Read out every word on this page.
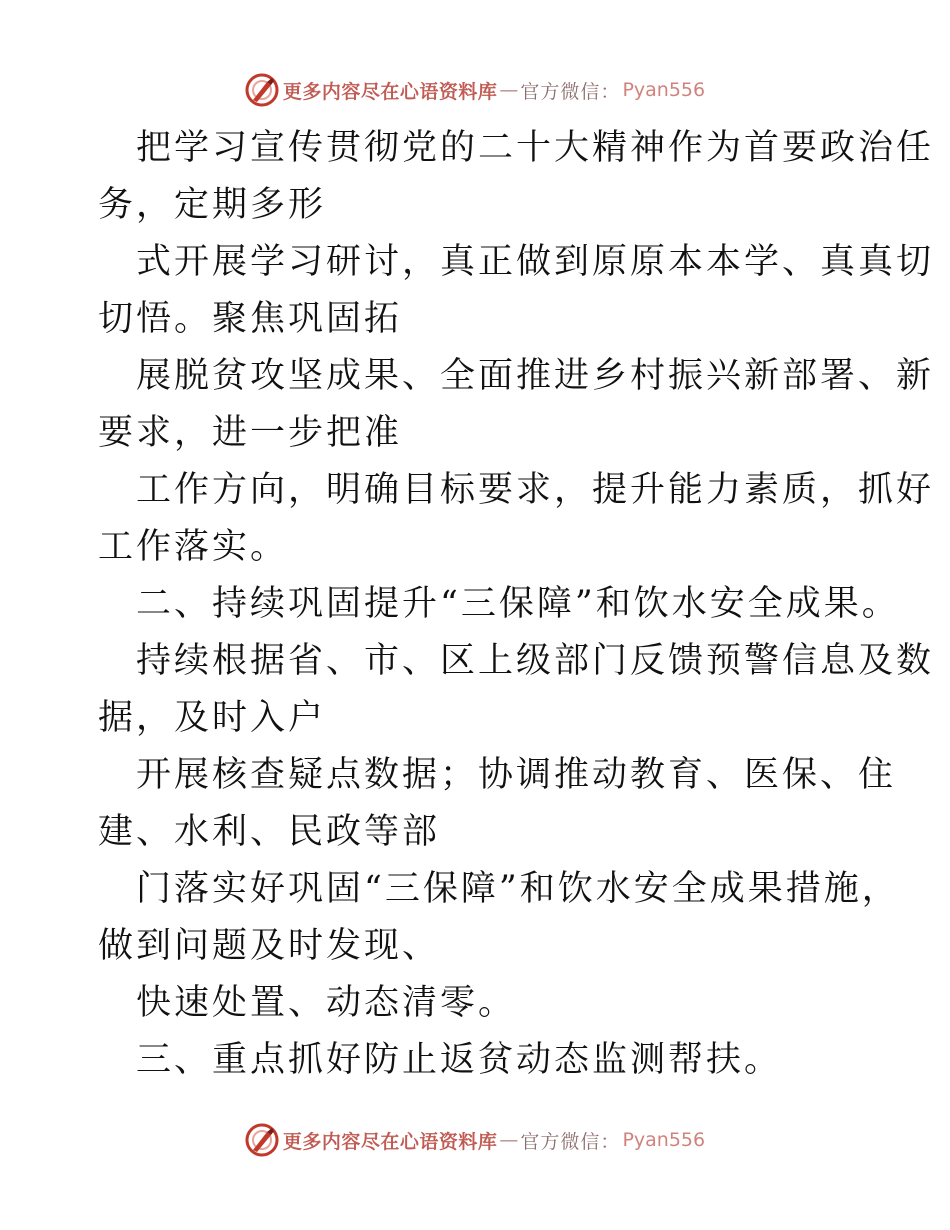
更多内容尽在心语资料库 — 官方微信： Pyan556

把学习宣传贯彻党的二十大精神作为首要政治任

务，定期多形

式开展学习研讨，真正做到原原本本学、真真切

切悟。聚焦巩固拓

展脱贫攻坚成果、全面推进乡村振兴新部署、新

要求，进一步把准

工作方向，明确目标要求，提升能力素质，抓好

工作落实。

二、持续巩固提升“三保障”和饮水安全成果。

持续根据省、市、区上级部门反馈预警信息及数

据，及时入户

开展核查疑点数据；协调推动教育、医保、住

建、水利、民政等部

门落实好巩固“三保障”和饮水安全成果措施，

做到问题及时发现、

快速处置、动态清零。

三、重点抓好防止返贫动态监测帮扶。

更多内容尽在心语资料库 — 官方微信： Pyan556
